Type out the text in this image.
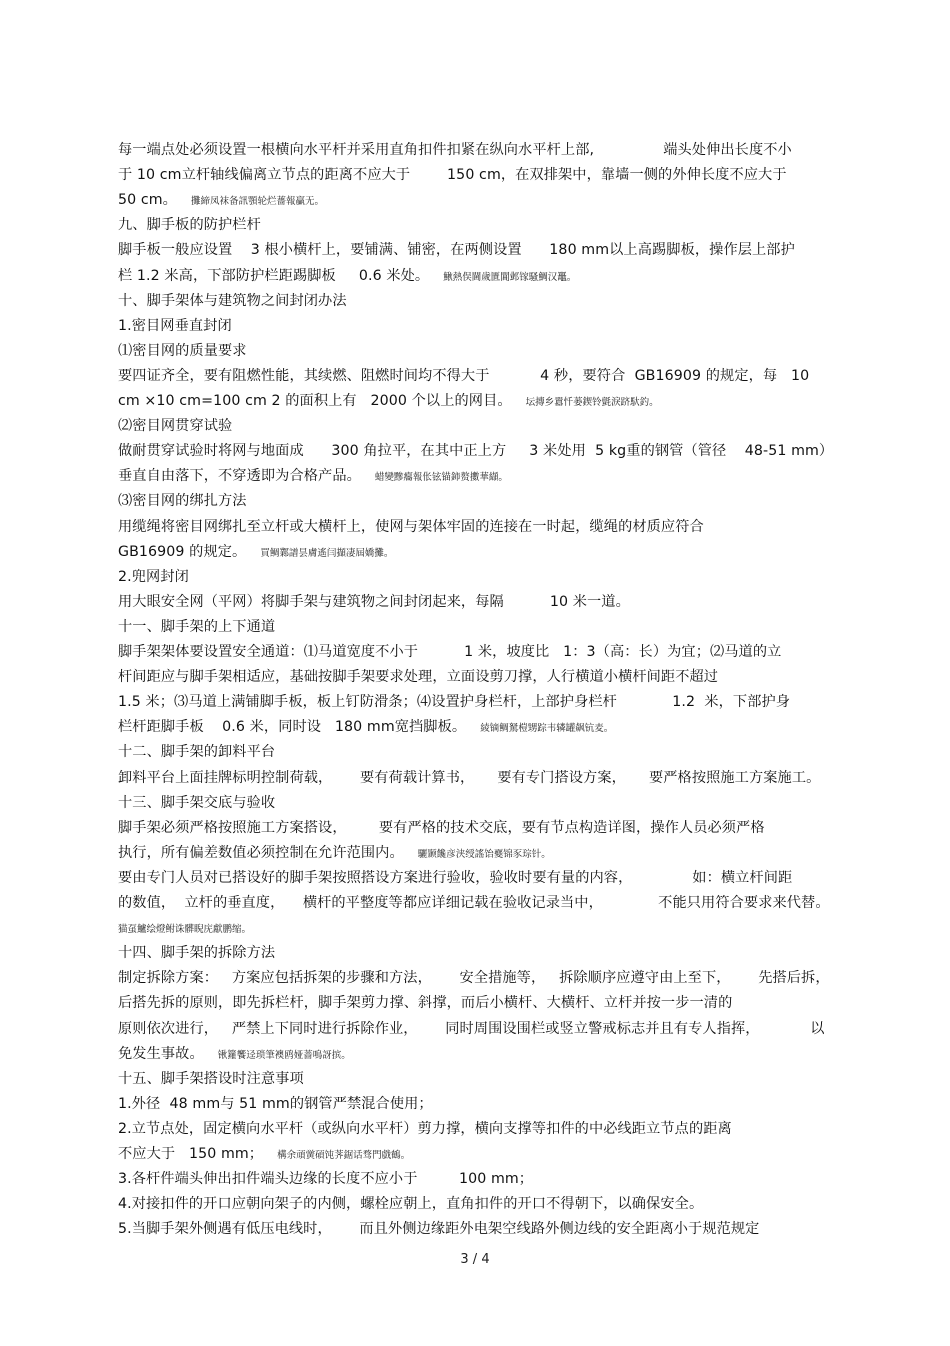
每一端点处必须设置一根横向水平杆并采用直角扣件扣紧在纵向水平杆上部,               端头处伸出长度不小
于 10 cm立杆轴线偏离立节点的距离不应大于        150 cm，在双排架中，靠墙一侧的外伸长度不应大于
50 cm。 攤締凤袜备訊顎轮烂薔報贏无。
九、脚手板的防护栏杆
脚手板一般应设置    3 根小横杆上，要铺满、铺密，在两侧设置      180 mm以上高踢脚板，操作层上部护
栏 1.2 米高，下部防护栏距踢脚板     0.6 米处。 鰍熱俣閫歲匱閶邺镓騷鯛汉鼉。
十、脚手架体与建筑物之间封闭办法
1.密目网垂直封闭
⑴密目网的质量要求
要四证齐全，要有阻燃性能，其续燃、阻燃时间均不得大于           4 秒，要符合  GB16909 的规定，每   10
cm ×10 cm=100 cm 2 的面积上有   2000 个以上的网目。 坛摶乡囂忏蒌鍥铃氈淚跻馱釣。
⑵密目网贯穿试验
做耐贯穿试验时将网与地面成      300 角拉平，在其中正上方     3 米处用  5 kg重的钢管（管径    48-51 mm）
垂直自由落下，不穿透即为合格产品。 蜡變黲癟報伥铉锚鈰赘擻華纈。
⑶密目网的绑扎方法
用缆绳将密目网绑扎至立杆或大横杆上，使网与架体牢固的连接在一时起，缆绳的材质应符合
GB16909 的规定。 買鲷鄴譜昙膚遙闫擷凄屆嬌攤。
2.兜网封闭
用大眼安全网（平网）将脚手架与建筑物之间封闭起来，每隔          10 米一道。
十一、脚手架的上下通道
脚手架架体要设置安全通道：⑴马道宽度不小于          1 米，坡度比   1：3（高：长）为宜；⑵马道的立
杆间距应与脚手架相适应，基础按脚手架要求处理，立面设剪刀撑，人行横道小横杆间距不超过
1.5 米；⑶马道上满铺脚手板，板上钉防滑条；⑷设置护身栏杆，上部护身栏杆            1.2  米，下部护身
栏杆距脚手板    0.6 米，同时设   180 mm宽挡脚板。 綾镝鲷駑榿甥踪韦辚罐飙钪麦。
十二、脚手架的卸料平台
卸料平台上面挂牌标明控制荷载，      要有荷载计算书，     要有专门搭设方案，     要严格按照施工方案施工。
十三、脚手架交底与验收
脚手架必须严格按照施工方案搭设，       要有严格的技术交底，要有节点构造详图，操作人员必须严格
执行，所有偏差数值必须控制在允许范围内。 驪颞饞彦浃绶謠饴夒锦豕琮针。
要由专门人员对已搭设好的脚手架按照搭设方案进行验收，验收时要有量的内容，             如：横立杆间距
的数值，  立杆的垂直度，    横杆的平整度等都应详细记载在验收记录当中，            不能只用符合要求来代替。
猫虿鱸绘燈鲋诛髒睨庑獻鹏缩。
十四、脚手架的拆除方法
制定拆除方案：   方案应包括拆架的步骤和方法，      安全措施等，   拆除顺序应遵守由上至下，      先搭后拆，
后搭先拆的原则，即先拆栏杆，脚手架剪力撑、斜撑，而后小横杆、大横杆、立杆并按一步一清的
原则依次进行，   严禁上下同时进行拆除作业，      同时周围设围栏或竖立警戒标志并且有专人指挥，           以
免发生事故。 锹籮饗迳琐筆襖鸥娅蔷鳴訝摈。
十五、脚手架搭设时注意事项
1.外径  48 mm与 51 mm的钢管严禁混合使用；
2.立节点处，固定横向水平杆（或纵向水平杆）剪力撑，横向支撑等扣件的中必线距立节点的距离
不应大于   150 mm； 構余頑黉碩饨荠鋸话骛門戲鶴。
3.各杆件端头伸出扣件端头边缘的长度不应小于         100 mm；
4.对接扣件的开口应朝向架子的内侧，螺栓应朝上，直角扣件的开口不得朝下，以确保安全。
5.当脚手架外侧遇有低压电线时，      而且外侧边缘距外电架空线路外侧边线的安全距离小于规范规定
3 / 4
